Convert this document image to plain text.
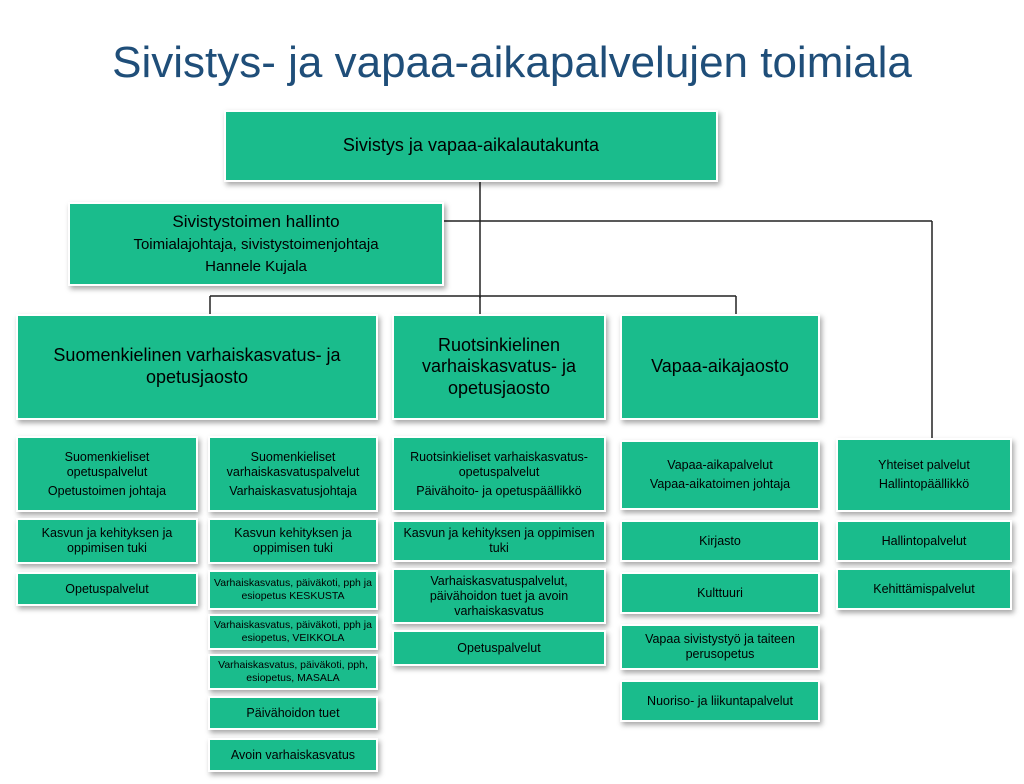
Sivistys- ja vapaa-aikapalvelujen toimiala
Sivistys ja vapaa-aikalautakunta
Sivistystoimen hallinto
Toimialajohtaja, sivistystoimenjohtaja
Hannele Kujala
Suomenkielinen varhaiskasvatus- ja opetusjaosto
Ruotsinkielinen varhaiskasvatus- ja opetusjaosto
Vapaa-aikajaosto
Suomenkieliset opetuspalvelut
Opetustoimen johtaja
Kasvun ja kehityksen ja oppimisen tuki
Opetuspalvelut
Suomenkieliset varhaiskasvatuspalvelut
Varhaiskasvatusjohtaja
Kasvun kehityksen ja oppimisen tuki
Varhaiskasvatus, päiväkoti, pph ja esiopetus KESKUSTA
Varhaiskasvatus, päiväkoti, pph ja esiopetus, VEIKKOLA
Varhaiskasvatus, päiväkoti, pph, esiopetus, MASALA
Päivähoidon tuet
Avoin varhaiskasvatus
Ruotsinkieliset varhaiskasvatus-opetuspalvelut
Päivähoito- ja opetuspäällikkö
Kasvun ja kehityksen ja oppimisen tuki
Varhaiskasvatuspalvelut, päivähoidon tuet ja avoin varhaiskasvatus
Opetuspalvelut
Vapaa-aikapalvelut
Vapaa-aikatoimen johtaja
Kirjasto
Kulttuuri
Vapaa sivistystyö ja taiteen perusopetus
Nuoriso- ja liikuntapalvelut
Yhteiset palvelut
Hallintopäällikkö
Hallintopalvelut
Kehittämispalvelut
